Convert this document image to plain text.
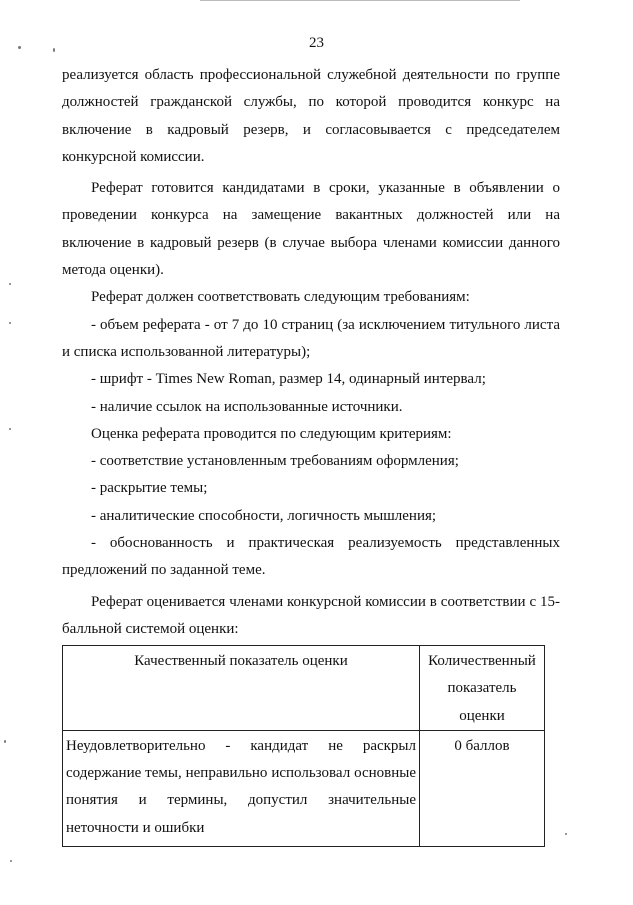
23

реализуется область профессиональной служебной деятельности по группе должностей гражданской службы, по которой проводится конкурс на включение в кадровый резерв, и согласовывается с председателем конкурсной комиссии.

Реферат готовится кандидатами в сроки, указанные в объявлении о проведении конкурса на замещение вакантных должностей или на включение в кадровый резерв (в случае выбора членами комиссии данного метода оценки).

Реферат должен соответствовать следующим требованиям:

- объем реферата - от 7 до 10 страниц (за исключением титульного листа и списка использованной литературы);

- шрифт - Times New Roman, размер 14, одинарный интервал;

- наличие ссылок на использованные источники.

Оценка реферата проводится по следующим критериям:

- соответствие установленным требованиям оформления;

- раскрытие темы;

- аналитические способности, логичность мышления;

- обоснованность и практическая реализуемость представленных предложений по заданной теме.

Реферат оценивается членами конкурсной комиссии в соответствии с 15-балльной системой оценки:

Качественный показатель оценки	Количественный показатель оценки
Неудовлетворительно - кандидат не раскрыл содержание темы, неправильно использовал основные понятия и термины, допустил значительные неточности и ошибки	0 баллов
